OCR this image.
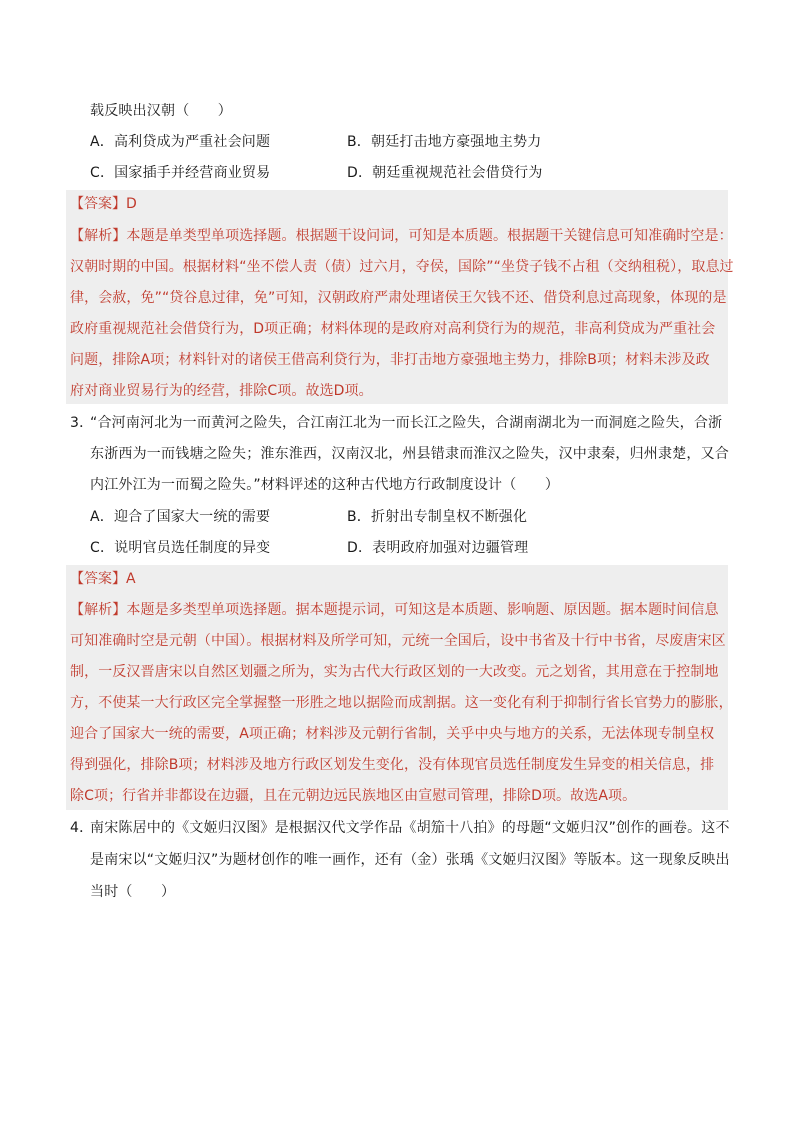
载反映出汉朝（　　）
A．高利贷成为严重社会问题	B．朝廷打击地方豪强地主势力
C．国家插手并经营商业贸易	D．朝廷重视规范社会借贷行为
【答案】D
【解析】本题是单类型单项选择题。根据题干设问词，可知是本质题。根据题干关键信息可知准确时空是：
汉朝时期的中国。根据材料“坐不偿人责（债）过六月，夺侯，国除”“坐贷子钱不占租（交纳租税），取息过
律，会赦，免”“贷谷息过律，免”可知，汉朝政府严肃处理诸侯王欠钱不还、借贷利息过高现象，体现的是
政府重视规范社会借贷行为，D项正确；材料体现的是政府对高利贷行为的规范，非高利贷成为严重社会
问题，排除A项；材料针对的诸侯王借高利贷行为，非打击地方豪强地主势力，排除B项；材料未涉及政
府对商业贸易行为的经营，排除C项。故选D项。
3．
“合河南河北为一而黄河之险失，合江南江北为一而长江之险失，合湖南湖北为一而洞庭之险失，合浙
东浙西为一而钱塘之险失；淮东淮西，汉南汉北，州县错隶而淮汉之险失，汉中隶秦，归州隶楚，又合
内江外江为一而蜀之险失。”材料评述的这种古代地方行政制度设计（　　）
A．迎合了国家大一统的需要	B．折射出专制皇权不断强化
C．说明官员选任制度的异变	D．表明政府加强对边疆管理
【答案】A
【解析】本题是多类型单项选择题。据本题提示词，可知这是本质题、影响题、原因题。据本题时间信息
可知准确时空是元朝（中国）。根据材料及所学可知，元统一全国后，设中书省及十行中书省，尽废唐宋区
制，一反汉晋唐宋以自然区划疆之所为，实为古代大行政区划的一大改变。元之划省，其用意在于控制地
方，不使某一大行政区完全掌握整一形胜之地以据险而成割据。这一变化有利于抑制行省长官势力的膨胀，
迎合了国家大一统的需要，A项正确；材料涉及元朝行省制，关乎中央与地方的关系，无法体现专制皇权
得到强化，排除B项；材料涉及地方行政区划发生变化，没有体现官员选任制度发生异变的相关信息，排
除C项；行省并非都设在边疆，且在元朝边远民族地区由宣慰司管理，排除D项。故选A项。
4．
南宋陈居中的《文姬归汉图》是根据汉代文学作品《胡笳十八拍》的母题“文姬归汉”创作的画卷。这不
是南宋以“文姬归汉”为题材创作的唯一画作，还有（金）张瑀《文姬归汉图》等版本。这一现象反映出
当时（　　）
